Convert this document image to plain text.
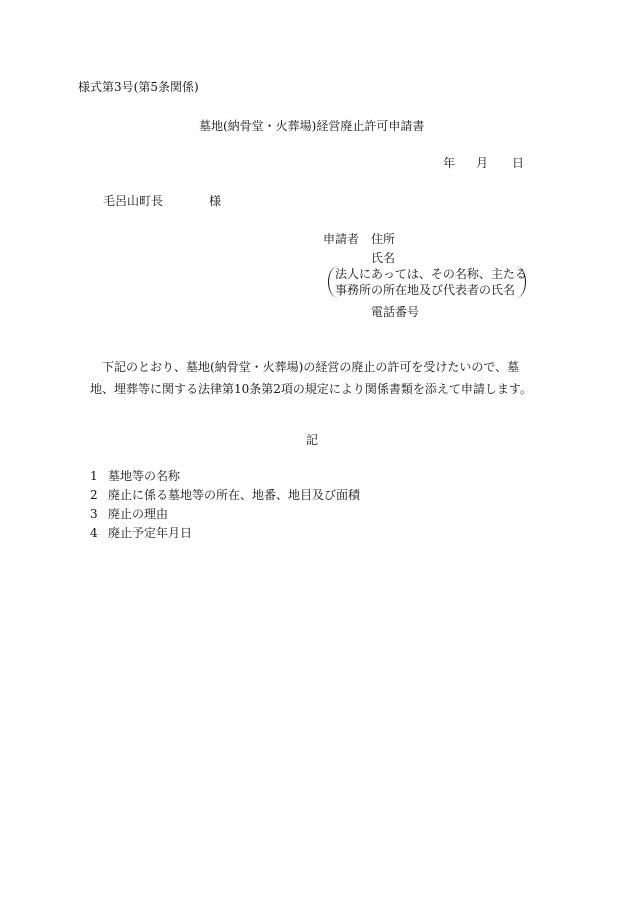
様式第3号(第5条関係)
墓地(納骨堂・火葬場)経営廃止許可申請書
年 月 日
毛呂山町長	様
申請者 住所
氏名
法人にあっては、その名称、主たる
事務所の所在地及び代表者の氏名
電話番号
下記のとおり、墓地(納骨堂・火葬場)の経営の廃止の許可を受けたいので、墓地、埋葬等に関する法律第10条第2項の規定により関係書類を添えて申請します。
記
1 墓地等の名称
2 廃止に係る墓地等の所在、地番、地目及び面積
3 廃止の理由
4 廃止予定年月日
